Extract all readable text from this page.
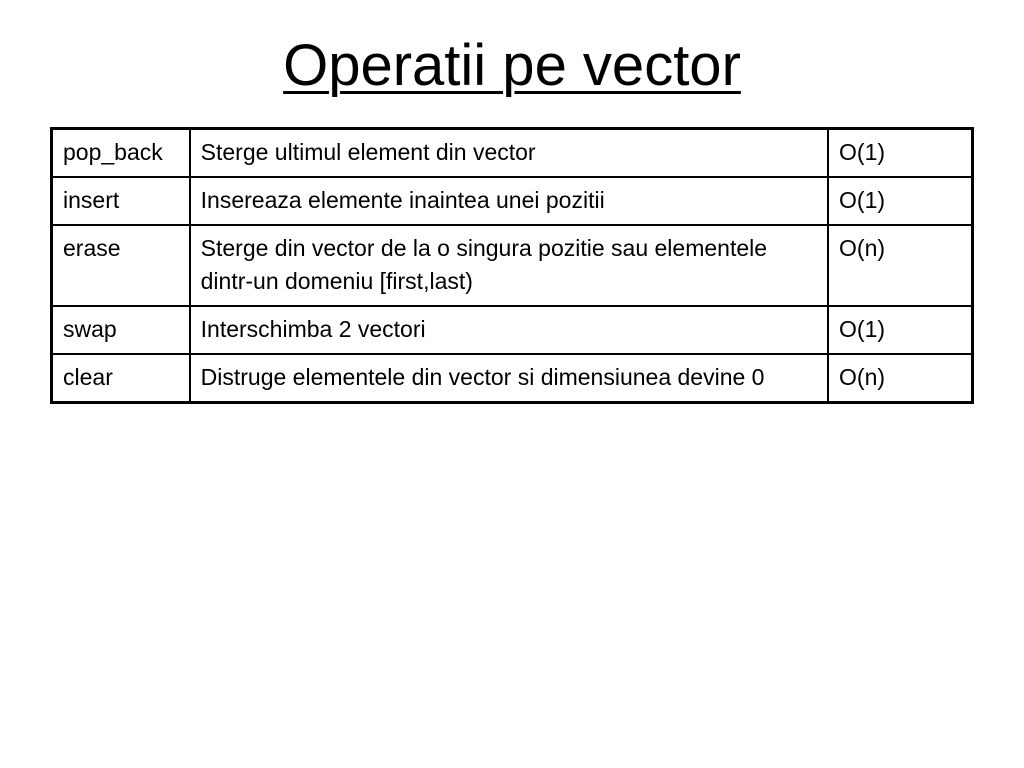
Operatii pe vector
pop_back	Sterge ultimul element din vector	O(1)
insert	Insereaza elemente inaintea unei pozitii	O(1)
erase	Sterge din vector de la o singura pozitie sau elementele dintr-un domeniu [first,last)	O(n)
swap	Interschimba 2 vectori	O(1)
clear	Distruge elementele din vector si dimensiunea devine 0	O(n)
